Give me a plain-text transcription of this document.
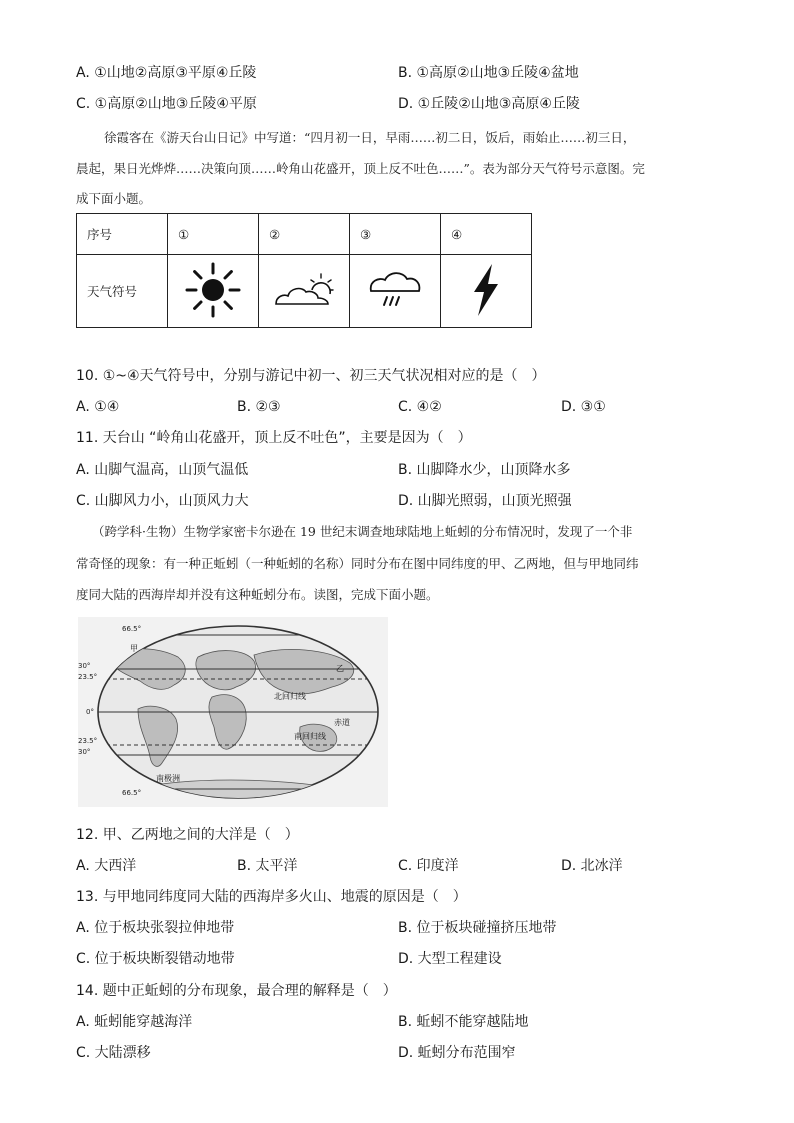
A. ①山地②高原③平原④丘陵	B. ①高原②山地③丘陵④盆地
C. ①高原②山地③丘陵④平原	D. ①丘陵②山地③高原④丘陵
徐霞客在《游天台山日记》中写道：“四月初一日，早雨……初二日，饭后，雨始止……初三日，
晨起，果日光烨烨……决策向顶……岭角山花盛开，顶上反不吐色……”。表为部分天气符号示意图。完
成下面小题。
序号	①	②	③	④
天气符号				
10. ①~④天气符号中，分别与游记中初一、初三天气状况相对应的是（　）
A. ①④	B. ②③	C. ④②	D. ③①
11. 天台山 “岭角山花盛开，顶上反不吐色”，主要是因为（　）
A. 山脚气温高，山顶气温低	B. 山脚降水少，山顶降水多
C. 山脚风力小，山顶风力大	D. 山脚光照弱，山顶光照强
（跨学科·生物）生物学家密卡尔逊在 19 世纪末调查地球陆地上蚯蚓的分布情况时，发现了一个非
常奇怪的现象：有一种正蚯蚓（一种蚯蚓的名称）同时分布在图中同纬度的甲、乙两地，但与甲地同纬
度同大陆的西海岸却并没有这种蚯蚓分布。读图，完成下面小题。
66.5°
30°
23.5°
0°
23.5°
30°
66.5°
北回归线
赤道
南回归线
南极洲
甲
乙
12. 甲、乙两地之间的大洋是（　）
A. 大西洋	B. 太平洋	C. 印度洋	D. 北冰洋
13. 与甲地同纬度同大陆的西海岸多火山、地震的原因是（　）
A. 位于板块张裂拉伸地带	B. 位于板块碰撞挤压地带
C. 位于板块断裂错动地带	D. 大型工程建设
14. 题中正蚯蚓的分布现象，最合理的解释是（　）
A. 蚯蚓能穿越海洋	B. 蚯蚓不能穿越陆地
C. 大陆漂移	D. 蚯蚓分布范围窄
